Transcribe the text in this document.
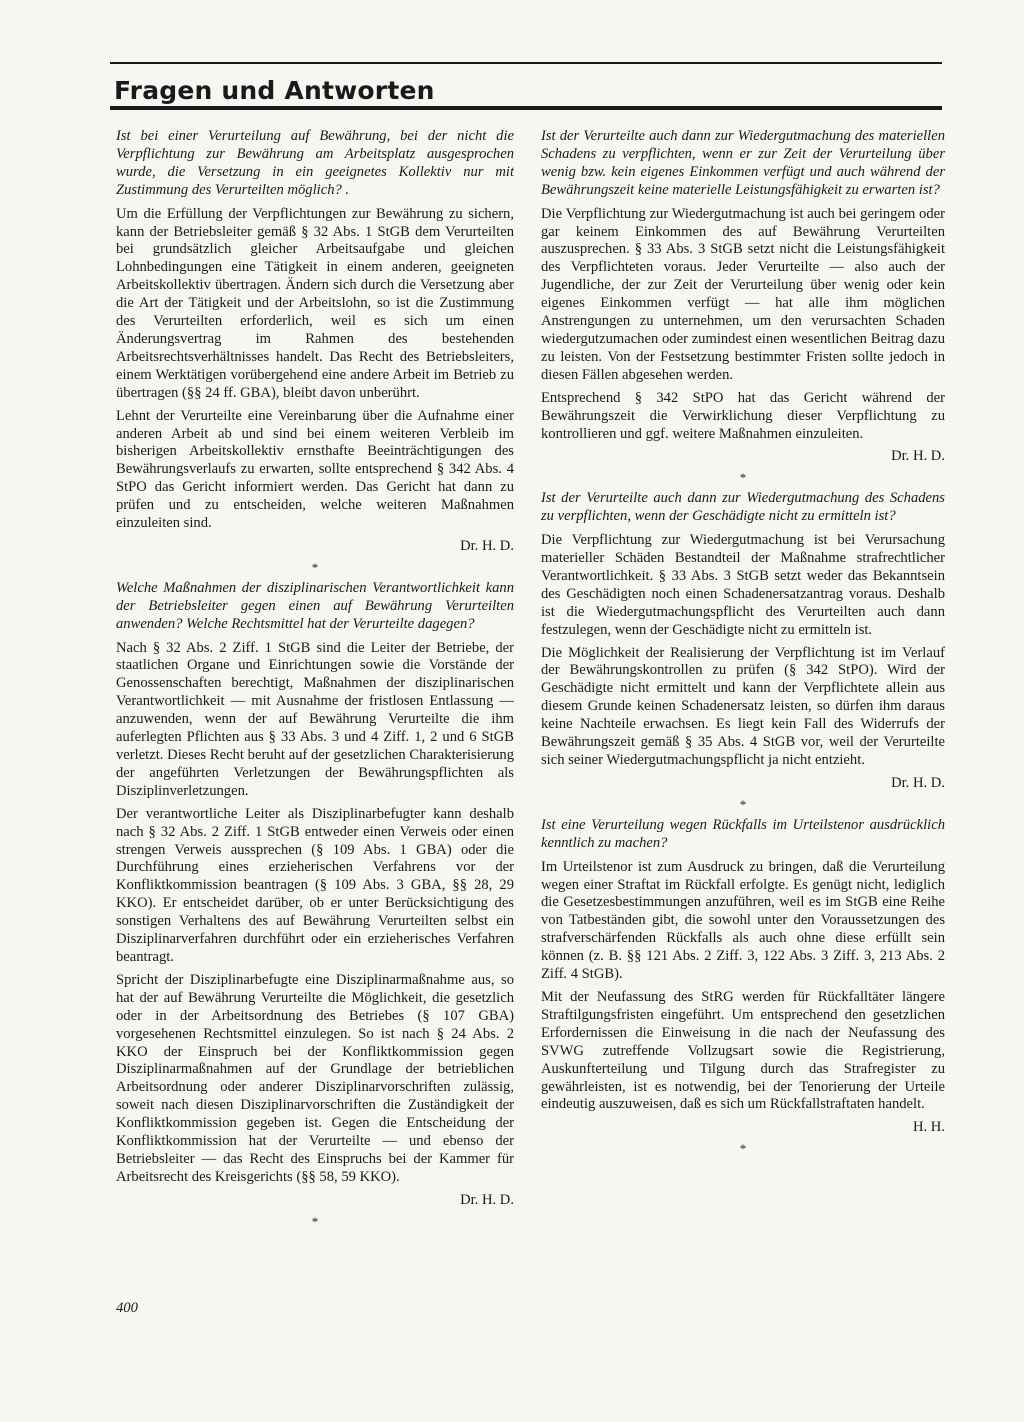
Fragen und Antworten

Ist bei einer Verurteilung auf Bewährung, bei der nicht die Verpflichtung zur Bewährung am Arbeitsplatz ausgesprochen wurde, die Versetzung in ein geeignetes Kollektiv nur mit Zustimmung des Verurteilten möglich? .

Um die Erfüllung der Verpflichtungen zur Bewährung zu sichern, kann der Betriebsleiter gemäß § 32 Abs. 1 StGB dem Verurteilten bei grundsätzlich gleicher Arbeitsaufgabe und gleichen Lohnbedingungen eine Tätigkeit in einem anderen, geeigneten Arbeitskollektiv übertragen. Ändern sich durch die Versetzung aber die Art der Tätigkeit und der Arbeitslohn, so ist die Zustimmung des Verurteilten erforderlich, weil es sich um einen Änderungsvertrag im Rahmen des bestehenden Arbeitsrechtsverhältnisses handelt. Das Recht des Betriebsleiters, einem Werktätigen vorübergehend eine andere Arbeit im Betrieb zu übertragen (§§ 24 ff. GBA), bleibt davon unberührt.

Lehnt der Verurteilte eine Vereinbarung über die Aufnahme einer anderen Arbeit ab und sind bei einem weiteren Verbleib im bisherigen Arbeitskollektiv ernsthafte Beeinträchtigungen des Bewährungsverlaufs zu erwarten, sollte entsprechend § 342 Abs. 4 StPO das Gericht informiert werden. Das Gericht hat dann zu prüfen und zu entscheiden, welche weiteren Maßnahmen einzuleiten sind.

Dr. H. D.

*

Welche Maßnahmen der disziplinarischen Verantwortlichkeit kann der Betriebsleiter gegen einen auf Bewährung Verurteilten anwenden? Welche Rechtsmittel hat der Verurteilte dagegen?

Nach § 32 Abs. 2 Ziff. 1 StGB sind die Leiter der Betriebe, der staatlichen Organe und Einrichtungen sowie die Vorstände der Genossenschaften berechtigt, Maßnahmen der disziplinarischen Verantwortlichkeit — mit Ausnahme der fristlosen Entlassung — anzuwenden, wenn der auf Bewährung Verurteilte die ihm auferlegten Pflichten aus § 33 Abs. 3 und 4 Ziff. 1, 2 und 6 StGB verletzt. Dieses Recht beruht auf der gesetzlichen Charakterisierung der angeführten Verletzungen der Bewährungspflichten als Disziplinverletzungen.

Der verantwortliche Leiter als Disziplinarbefugter kann deshalb nach § 32 Abs. 2 Ziff. 1 StGB entweder einen Verweis oder einen strengen Verweis aussprechen (§ 109 Abs. 1 GBA) oder die Durchführung eines erzieherischen Verfahrens vor der Konfliktkommission beantragen (§ 109 Abs. 3 GBA, §§ 28, 29 KKO). Er entscheidet darüber, ob er unter Berücksichtigung des sonstigen Verhaltens des auf Bewährung Verurteilten selbst ein Disziplinarverfahren durchführt oder ein erzieherisches Verfahren beantragt.

Spricht der Disziplinarbefugte eine Disziplinarmaßnahme aus, so hat der auf Bewährung Verurteilte die Möglichkeit, die gesetzlich oder in der Arbeitsordnung des Betriebes (§ 107 GBA) vorgesehenen Rechtsmittel einzulegen. So ist nach § 24 Abs. 2 KKO der Einspruch bei der Konfliktkommission gegen Disziplinarmaßnahmen auf der Grundlage der betrieblichen Arbeitsordnung oder anderer Disziplinarvorschriften zulässig, soweit nach diesen Disziplinarvorschriften die Zuständigkeit der Konfliktkommission gegeben ist. Gegen die Entscheidung der Konfliktkommission hat der Verurteilte — und ebenso der Betriebsleiter — das Recht des Einspruchs bei der Kammer für Arbeitsrecht des Kreisgerichts (§§ 58, 59 KKO).

Dr. H. D.

*

Ist der Verurteilte auch dann zur Wiedergutmachung des materiellen Schadens zu verpflichten, wenn er zur Zeit der Verurteilung über wenig bzw. kein eigenes Einkommen verfügt und auch während der Bewährungszeit keine materielle Leistungsfähigkeit zu erwarten ist?

Die Verpflichtung zur Wiedergutmachung ist auch bei geringem oder gar keinem Einkommen des auf Bewährung Verurteilten auszusprechen. § 33 Abs. 3 StGB setzt nicht die Leistungsfähigkeit des Verpflichteten voraus. Jeder Verurteilte — also auch der Jugendliche, der zur Zeit der Verurteilung über wenig oder kein eigenes Einkommen verfügt — hat alle ihm möglichen Anstrengungen zu unternehmen, um den verursachten Schaden wiedergutzumachen oder zumindest einen wesentlichen Beitrag dazu zu leisten. Von der Festsetzung bestimmter Fristen sollte jedoch in diesen Fällen abgesehen werden.

Entsprechend § 342 StPO hat das Gericht während der Bewährungszeit die Verwirklichung dieser Verpflichtung zu kontrollieren und ggf. weitere Maßnahmen einzuleiten.

Dr. H. D.

*

Ist der Verurteilte auch dann zur Wiedergutmachung des Schadens zu verpflichten, wenn der Geschädigte nicht zu ermitteln ist?

Die Verpflichtung zur Wiedergutmachung ist bei Verursachung materieller Schäden Bestandteil der Maßnahme strafrechtlicher Verantwortlichkeit. § 33 Abs. 3 StGB setzt weder das Bekanntsein des Geschädigten noch einen Schadenersatzantrag voraus. Deshalb ist die Wiedergutmachungspflicht des Verurteilten auch dann festzulegen, wenn der Geschädigte nicht zu ermitteln ist.

Die Möglichkeit der Realisierung der Verpflichtung ist im Verlauf der Bewährungskontrollen zu prüfen (§ 342 StPO). Wird der Geschädigte nicht ermittelt und kann der Verpflichtete allein aus diesem Grunde keinen Schadenersatz leisten, so dürfen ihm daraus keine Nachteile erwachsen. Es liegt kein Fall des Widerrufs der Bewährungszeit gemäß § 35 Abs. 4 StGB vor, weil der Verurteilte sich seiner Wiedergutmachungspflicht ja nicht entzieht.

Dr. H. D.

*

Ist eine Verurteilung wegen Rückfalls im Urteilstenor ausdrücklich kenntlich zu machen?

Im Urteilstenor ist zum Ausdruck zu bringen, daß die Verurteilung wegen einer Straftat im Rückfall erfolgte. Es genügt nicht, lediglich die Gesetzesbestimmungen anzuführen, weil es im StGB eine Reihe von Tatbeständen gibt, die sowohl unter den Voraussetzungen des strafverschärfenden Rückfalls als auch ohne diese erfüllt sein können (z. B. §§ 121 Abs. 2 Ziff. 3, 122 Abs. 3 Ziff. 3, 213 Abs. 2 Ziff. 4 StGB).

Mit der Neufassung des StRG werden für Rückfalltäter längere Straftilgungsfristen eingeführt. Um entsprechend den gesetzlichen Erfordernissen die Einweisung in die nach der Neufassung des SVWG zutreffende Vollzugsart sowie die Registrierung, Auskunfterteilung und Tilgung durch das Strafregister zu gewährleisten, ist es notwendig, bei der Tenorierung der Urteile eindeutig auszuweisen, daß es sich um Rückfallstraftaten handelt.

H. H.

*

400
